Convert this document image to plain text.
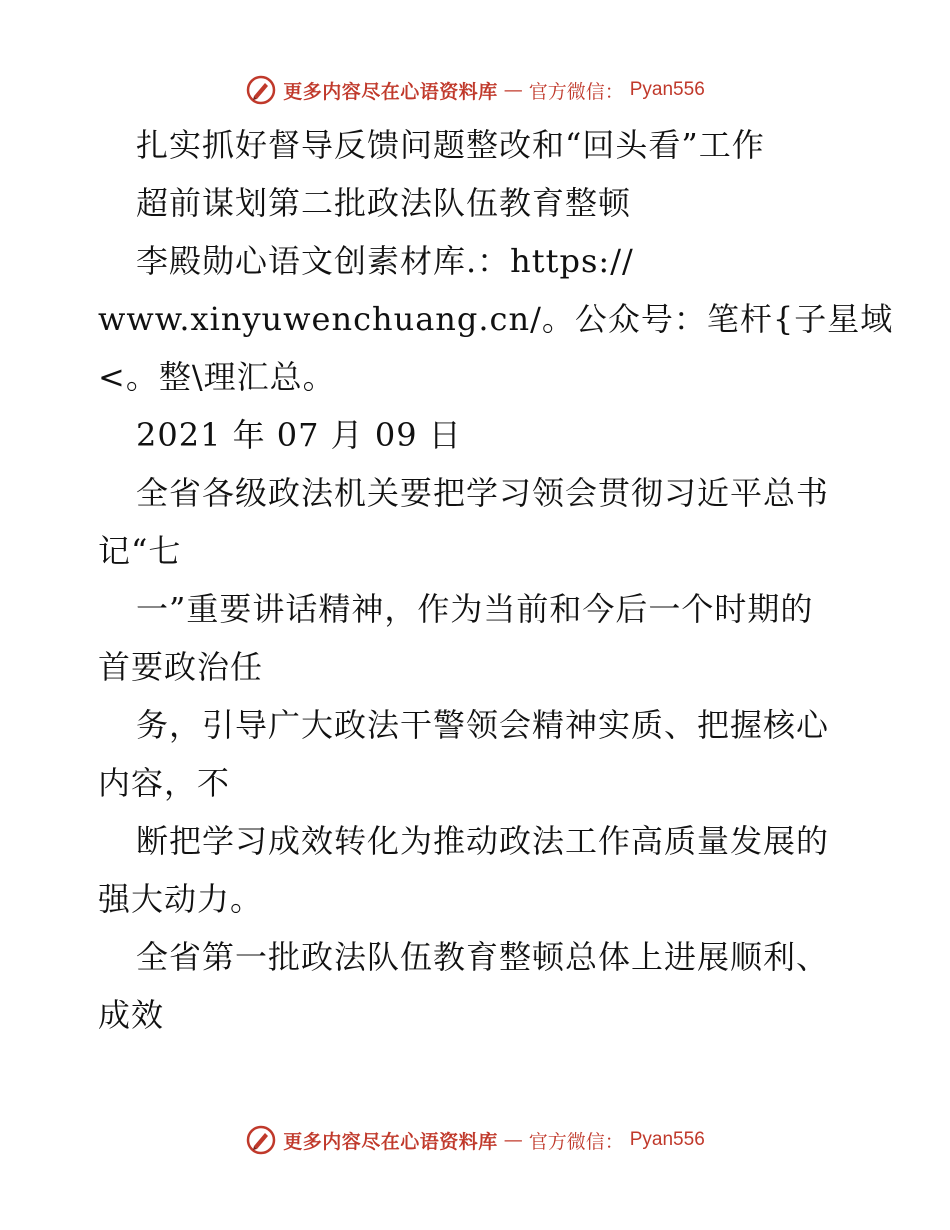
更多内容尽在心语资料库 — 官方微信： Pyan556
扎实抓好督导反馈问题整改和“回头看”工作
超前谋划第二批政法队伍教育整顿
李殿勋心语文创素材库.：https://
www.xinyuwenchuang.cn/。公众号：笔杆{子星域
<。整\理汇总。
2021 年 07 月 09 日
全省各级政法机关要把学习领会贯彻习近平总书
记“七
一”重要讲话精神，作为当前和今后一个时期的
首要政治任
务，引导广大政法干警领会精神实质、把握核心
内容，不
断把学习成效转化为推动政法工作高质量发展的
强大动力。
全省第一批政法队伍教育整顿总体上进展顺利、
成效
更多内容尽在心语资料库 — 官方微信： Pyan556
